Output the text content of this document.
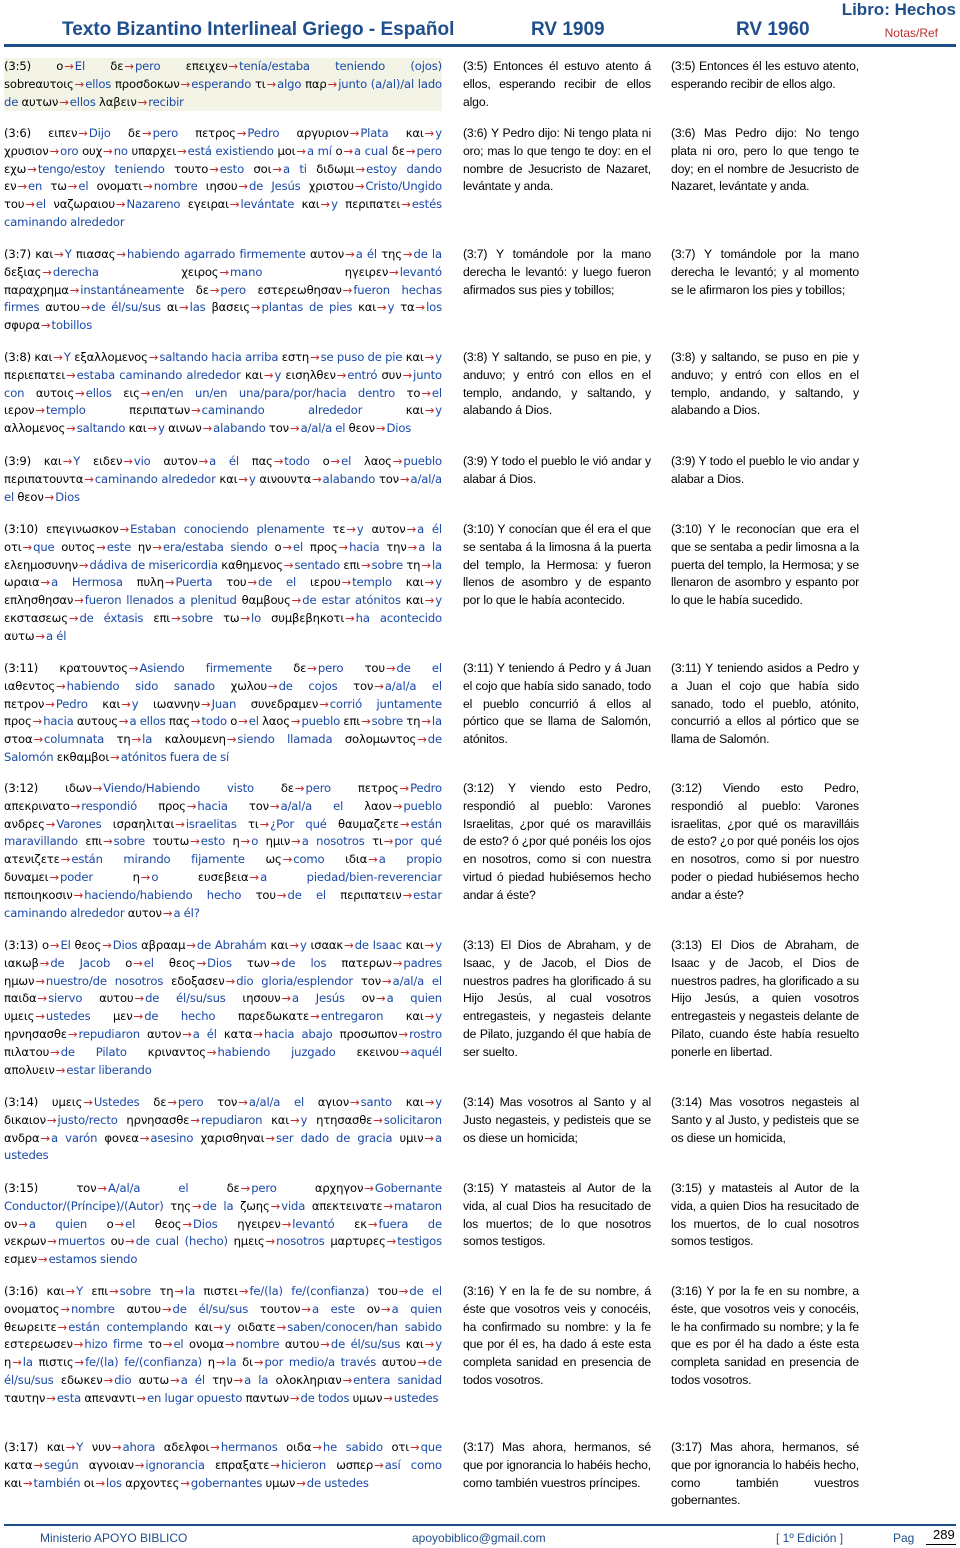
Texto Bizantino Interlineal Griego - Español	RV 1909	RV 1960
Libro: Hechos
Notas/Ref
(3:5) ο→El δε→pero επειχεν→tenía/estaba teniendo (ojos) sobreαυτοις→ellos προσδοκων→esperando τι→algo παρ→junto (a/al)/al lado de αυτων→ellos λαβειν→recibir
(3:5) Entonces él estuvo atento á ellos, esperando recibir de ellos algo.
(3:5) Entonces él les estuvo atento, esperando recibir de ellos algo.
(3:6) ειπεν→Dijo δε→pero πετρος→Pedro αργυριον→Plata και→y χρυσιον→oro ουχ→no υπαρχει→está existiendo μοι→a mí ο→a cual δε→pero εχω→tengo/estoy teniendo τουτο→esto σοι→a ti διδωμι→estoy dando εν→en τω→el ονοματι→nombre ιησου→de Jesús χριστου→Cristo/Ungido του→el ναζωραιου→Nazareno εγειραι→levántate και→y περιπατει→estés caminando alrededor
(3:6) Y Pedro dijo: Ni tengo plata ni oro; mas lo que tengo te doy: en el nombre de Jesucristo de Nazaret, levántate y anda.
(3:6) Mas Pedro dijo: No tengo plata ni oro, pero lo que tengo te doy; en el nombre de Jesucristo de Nazaret, levántate y anda.
(3:7) και→Y πιασας→habiendo agarrado firmemente αυτον→a él της→de la δεξιας→derecha	χειρος→mano	ηγειρεν→levantó παραχρημα→instantáneamente δε→pero εστερεωθησαν→fueron hechas firmes αυτου→de él/su/sus αι→las βασεις→plantas de pies και→y τα→los σφυρα→tobillos
(3:7) Y tomándole por la mano derecha le levantó: y luego fueron afirmados sus pies y tobillos;
(3:7) Y tomándole por la mano derecha le levantó; y al momento se le afirmaron los pies y tobillos;
(3:8) και→Y εξαλλομενος→saltando hacia arriba εστη→se puso de pie και→y περιεπατει→estaba caminando alrededor και→y εισηλθεν→entró συν→junto con αυτοις→ellos εις→en/en un/en una/para/por/hacia dentro το→el ιερον→templo	περιπατων→caminando alrededor	και→y αλλομενος→saltando και→y αινων→alabando τον→a/al/a el θεον→Dios
(3:8) Y saltando, se puso en pie, y anduvo; y entró con ellos en el templo, andando, y saltando, y alabando á Dios.
(3:8) y saltando, se puso en pie y anduvo; y entró con ellos en el templo, andando, y saltando, y alabando a Dios.
(3:9) και→Y ειδεν→vio αυτον→a él πας→todo ο→el λαος→pueblo περιπατουντα→caminando alrededor και→y αινουντα→alabando τον→a/al/a el θεον→Dios
(3:9) Y todo el pueblo le vió andar y alabar á Dios.
(3:9) Y todo el pueblo le vio andar y alabar a Dios.
(3:10) επεγινωσκον→Estaban conociendo plenamente τε→y αυτον→a él οτι→que ουτος→este ην→era/estaba siendo ο→el προς→hacia την→a la ελεημοσυνην→dádiva de misericordia καθημενος→sentado επι→sobre τη→la ωραια→a Hermosa πυλη→Puerta του→de el ιερου→templo και→y επλησθησαν→fueron llenados a plenitud θαμβους→de estar atónitos και→y εκστασεως→de éxtasis επι→sobre τω→lo συμβεβηκοτι→ha acontecido αυτω→a él
(3:10) Y conocían que él era el que se sentaba á la limosna á la puerta del templo, la Hermosa: y fueron llenos de asombro y de espanto por lo que le había acontecido.
(3:10) Y le reconocían que era el que se sentaba a pedir limosna a la puerta del templo, la Hermosa; y se llenaron de asombro y espanto por lo que le había sucedido.
(3:11) κρατουντος→Asiendo firmemente δε→pero του→de el ιαθεντος→habiendo sido sanado χωλου→de cojos τον→a/al/a el πετρον→Pedro και→y ιωαννην→Juan συνεδραμεν→corrió juntamente προς→hacia αυτους→a ellos πας→todo ο→el λαος→pueblo επι→sobre τη→la στοα→columnata τη→la καλουμενη→siendo llamada σολομωντος→de Salomón εκθαμβοι→atónitos fuera de sí
(3:11) Y teniendo á Pedro y á Juan el cojo que había sido sanado, todo el pueblo concurrió á ellos al pórtico que se llama de Salomón, atónitos.
(3:11) Y teniendo asidos a Pedro y a Juan el cojo que había sido sanado, todo el pueblo, atónito, concurrió a ellos al pórtico que se llama de Salomón.
(3:12) ιδων→Viendo/Habiendo visto δε→pero πετρος→Pedro απεκρινατο→respondió προς→hacia τον→a/al/a el λαον→pueblo ανδρες→Varones ισραηλιται→israelitas τι→¿Por qué θαυμαζετε→están maravillando επι→sobre τουτω→esto η→o ημιν→a nosotros τι→por qué ατενιζετε→están mirando fijamente ως→como ιδια→a propio δυναμει→poder	η→o	ευσεβεια→a piedad/bien-reverenciar πεποιηκοσιν→haciendo/habiendo hecho του→de el περιπατειν→estar caminando alrededor αυτον→a él?
(3:12) Y viendo esto Pedro, respondió al pueblo: Varones Israelitas, ¿por qué os maravilláis de esto? ó ¿por qué ponéis los ojos en nosotros, como si con nuestra virtud ó piedad hubiésemos hecho andar á éste?
(3:12) Viendo esto Pedro, respondió al pueblo: Varones israelitas, ¿por qué os maravilláis de esto? ¿o por qué ponéis los ojos en nosotros, como si por nuestro poder o piedad hubiésemos hecho andar a éste?
(3:13) ο→El θεος→Dios αβρααμ→de Abrahám και→y ισαακ→de Isaac και→y ιακωβ→de Jacob ο→el θεος→Dios των→de los πατερων→padres ημων→nuestro/de nosotros εδοξασεν→dio gloria/esplendor τον→a/al/a el παιδα→siervo αυτου→de él/su/sus ιησουν→a Jesús ον→a quien υμεις→ustedes μεν→de hecho παρεδωκατε→entregaron και→y ηρνησασθε→repudiaron αυτον→a él κατα→hacia abajo προσωπον→rostro πιλατου→de Pilato κριναντος→habiendo juzgado εκεινου→aquél απολυειν→estar liberando
(3:13) El Dios de Abraham, y de Isaac, y de Jacob, el Dios de nuestros padres ha glorificado á su Hijo Jesús, al cual vosotros entregasteis, y negasteis delante de Pilato, juzgando él que había de ser suelto.
(3:13) El Dios de Abraham, de Isaac y de Jacob, el Dios de nuestros padres, ha glorificado a su Hijo Jesús, a quien vosotros entregasteis y negasteis delante de Pilato, cuando éste había resuelto ponerle en libertad.
(3:14) υμεις→Ustedes δε→pero τον→a/al/a el αγιον→santo και→y δικαιον→justo/recto ηρνησασθε→repudiaron και→y ητησασθε→solicitaron ανδρα→a varón φονεα→asesino χαρισθηναι→ser dado de gracia υμιν→a ustedes
(3:14) Mas vosotros al Santo y al Justo negasteis, y pedisteis que se os diese un homicida;
(3:14) Mas vosotros negasteis al Santo y al Justo, y pedisteis que se os diese un homicida,
(3:15) τον→A/al/a el	δε→pero	αρχηγον→Gobernante Conductor/(Príncipe)/(Autor) της→de la ζωης→vida απεκτεινατε→mataron ον→a quien ο→el θεος→Dios ηγειρεν→levantó εκ→fuera de νεκρων→muertos ου→de cual (hecho) ημεις→nosotros μαρτυρες→testigos εσμεν→estamos siendo
(3:15) Y matasteis al Autor de la vida, al cual Dios ha resucitado de los muertos; de lo que nosotros somos testigos.
(3:15) y matasteis al Autor de la vida, a quien Dios ha resucitado de los muertos, de lo cual nosotros somos testigos.
(3:16) και→Y επι→sobre τη→la πιστει→fe/(la) fe/(confianza) του→de el ονοματος→nombre αυτου→de él/su/sus τουτον→a este ον→a quien θεωρειτε→están contemplando και→y οιδατε→saben/conocen/han sabido εστερεωσεν→hizo firme το→el ονομα→nombre αυτου→de él/su/sus και→y η→la πιστις→fe/(la) fe/(confianza) η→la δι→por medio/a través αυτου→de él/su/sus εδωκεν→dio αυτω→a él την→a la ολοκληριαν→entera sanidad ταυτην→esta απεναντι→en lugar opuesto παντων→de todos υμων→ustedes
(3:16) Y en la fe de su nombre, á éste que vosotros veis y conocéis, ha confirmado su nombre: y la fe que por él es, ha dado á este esta completa sanidad en presencia de todos vosotros.
(3:16) Y por la fe en su nombre, a éste, que vosotros veis y conocéis, le ha confirmado su nombre; y la fe que es por él ha dado a éste esta completa sanidad en presencia de todos vosotros.
(3:17) και→Y νυν→ahora αδελφοι→hermanos οιδα→he sabido οτι→que κατα→según αγνοιαν→ignorancia επραξατε→hicieron ωσπερ→así como και→también οι→los αρχοντες→gobernantes υμων→de ustedes
(3:17) Mas ahora, hermanos, sé que por ignorancia lo habéis hecho, como también vuestros príncipes.
(3:17) Mas ahora, hermanos, sé que por ignorancia lo habéis hecho, como también vuestros gobernantes.
Ministerio APOYO BIBLICO	apoyobiblico@gmail.com	[ 1º Edición ]	Pag 289
